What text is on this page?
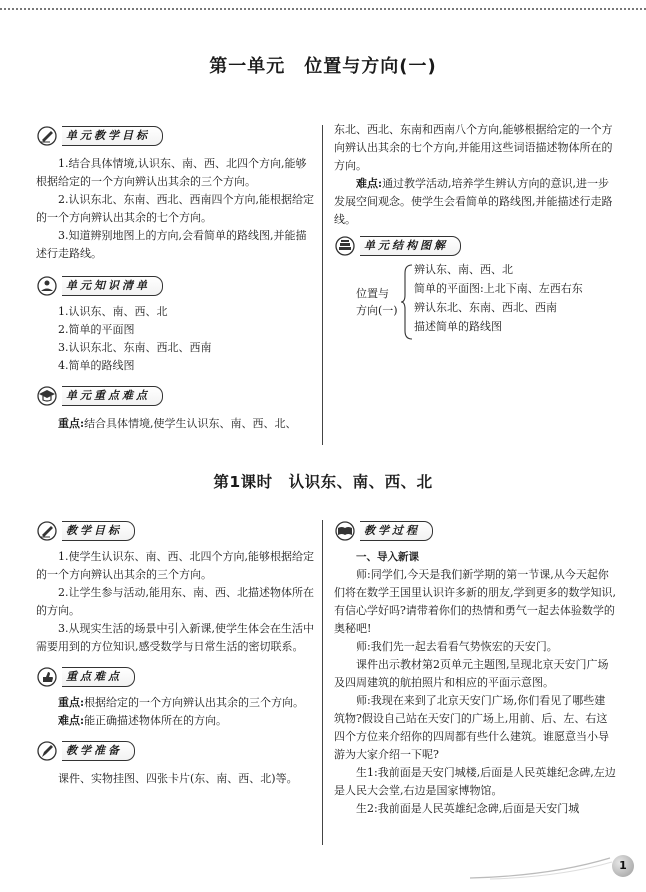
第一单元　位置与方向(一)
单元教学目标

1.结合具体情境,认识东、南、西、北四个方向,能够根据给定的一个方向辨认出其余的三个方向。

2.认识东北、东南、西北、西南四个方向,能根据给定的一个方向辨认出其余的七个方向。

3.知道辨别地图上的方向,会看简单的路线图,并能描述行走路线。

单元知识清单

1.认识东、南、西、北

2.简单的平面图

3.认识东北、东南、西北、西南

4.简单的路线图

单元重点难点

重点:结合具体情境,使学生认识东、南、西、北、

东北、西北、东南和西南八个方向,能够根据给定的一个方向辨认出其余的七个方向,并能用这些词语描述物体所在的方向。

难点:通过教学活动,培养学生辨认方向的意识,进一步发展空间观念。使学生会看简单的路线图,并能描述行走路线。

单元结构图解
位置与
方向(一)
辨认东、南、西、北
简单的平面图:上北下南、左西右东
辨认东北、东南、西北、西南
描述简单的路线图
第1课时　认识东、南、西、北
教学目标

1.使学生认识东、南、西、北四个方向,能够根据给定的一个方向辨认出其余的三个方向。

2.让学生参与活动,能用东、南、西、北描述物体所在的方向。

3.从现实生活的场景中引入新课,使学生体会在生活中需要用到的方位知识,感受数学与日常生活的密切联系。

重点难点

重点:根据给定的一个方向辨认出其余的三个方向。

难点:能正确描述物体所在的方向。

教学准备

课件、实物挂图、四张卡片(东、南、西、北)等。

教学过程

一、导入新课

师:同学们,今天是我们新学期的第一节课,从今天起你们将在数学王国里认识许多新的朋友,学到更多的数学知识,有信心学好吗?请带着你们的热情和勇气一起去体验数学的奥秘吧!

师:我们先一起去看看气势恢宏的天安门。

课件出示教材第2页单元主题图,呈现北京天安门广场及四周建筑的航拍照片和相应的平面示意图。

师:我现在来到了北京天安门广场,你们看见了哪些建筑物?假设自己站在天安门的广场上,用前、后、左、右这四个方位来介绍你的四周都有些什么建筑。谁愿意当小导游为大家介绍一下呢?

生1:我前面是天安门城楼,后面是人民英雄纪念碑,左边是人民大会堂,右边是国家博物馆。

生2:我前面是人民英雄纪念碑,后面是天安门城

1
